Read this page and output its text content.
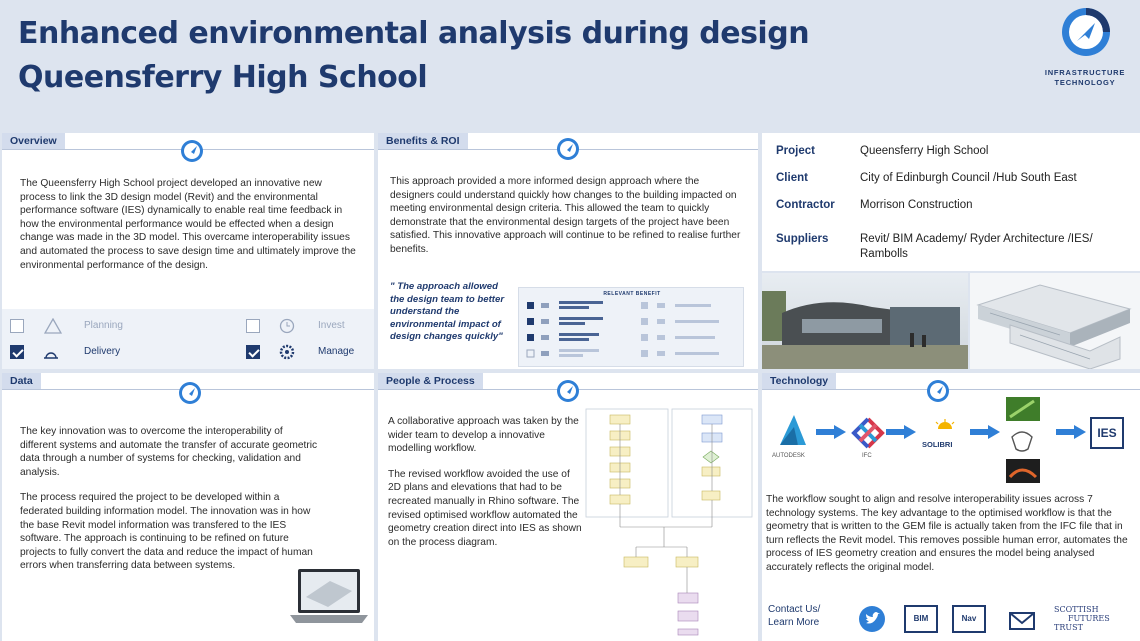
Enhanced environmental analysis during design
Queensferry High School	INFRASTRUCTURE
TECHNOLOGY
Overview
The Queensferry High School project developed an innovative new process to link the 3D design model (Revit) and the environmental performance software (IES) dynamically to enable real time feedback in how the environmental performance would be effected when a design change was made in the 3D model. This overcame interoperability issues and automated the process to save design time and ultimately improve the environmental performance of the design.
Planning	Invest
Delivery	Manage
Benefits & ROI
This approach provided a more informed design approach where the designers could understand quickly how changes to the building impacted on meeting environmental design criteria. This allowed the team to quickly demonstrate that the environmental design targets of the project have been satisfied. This innovative approach will continue to be refined to realise further benefits.
" The approach allowed the design team to better understand the environmental impact of design changes quickly"
RELEVANT BENEFIT
Project	Queensferry High School
Client	City of Edinburgh Council /Hub South East
Contractor	Morrison Construction
Suppliers	Revit/ BIM Academy/ Ryder Architecture /IES/ Rambolls
Data

The key innovation was to overcome the interoperability of different systems and automate the transfer of accurate geometric data through a number of systems for checking, validation and analysis.

The process required the project to be developed within a federated building information model. The innovation was in how the base Revit model information was transfered to the IES software. The approach is continuing to be refined on future projects to fully convert the data and reduce the impact of human errors when transferring data between systems.

People & Process

A collaborative approach was taken by the wider team to develop a innovative modelling workflow.

The revised workflow avoided the use of 2D plans and elevations that had to be recreated manually in Rhino software. The revised optimised workflow automated the geometry creation direct into IES as shown on the process diagram.

Technology
AUTODESK	IFC
SOLIBRI
IES
The workflow sought to align and resolve interoperability issues across 7 technology systems. The key advantage to the optimised workflow is that the geometry that is written to the GEM file is actually taken from the IFC file that in turn reflects the Revit model. This removes possible human error, automates the process of IES geometry creation and ensures the model being analysed accurately reflects the original model.
Contact Us/
Learn More	BIM	Nav
SCOTTISH
FUTURES
TRUST
